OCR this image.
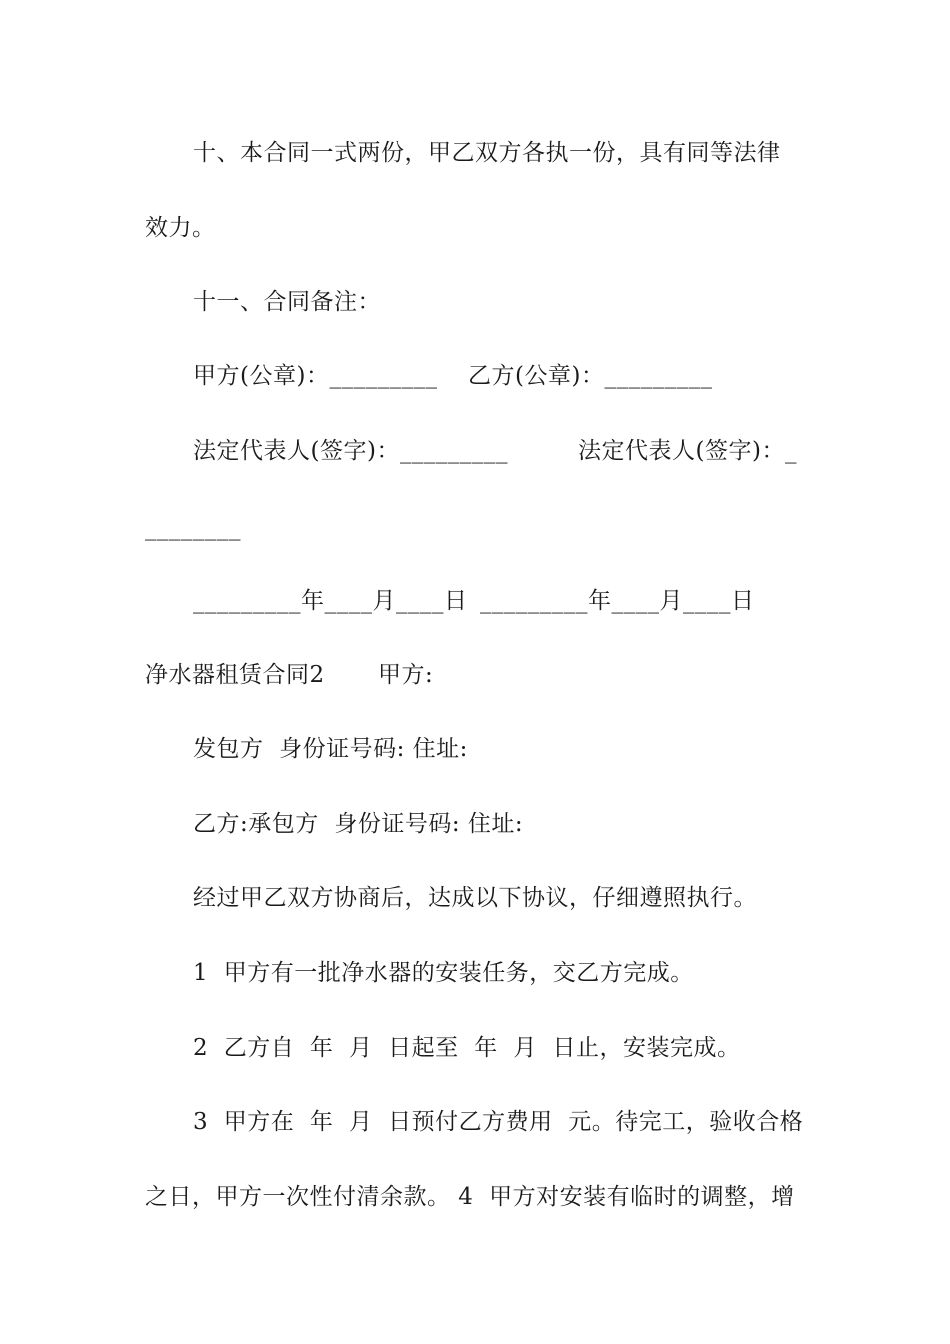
十、本合同一式两份，甲乙双方各执一份，具有同等法律
效力。
十一、合同备注：
甲方(公章)：_________ 乙方(公章)：_________
法定代表人(签字)：_________	法定代表人(签字)：_
________
_________年____月____日 _________年____月____日
净水器租赁合同2 甲方:
发包方  身份证号码: 住址:
乙方:承包方  身份证号码: 住址:
经过甲乙双方协商后，达成以下协议，仔细遵照执行。
1  甲方有一批净水器的安装任务，交乙方完成。
2  乙方自  年  月  日起至  年  月  日止，安装完成。
3  甲方在  年  月  日预付乙方费用  元。待完工，验收合格
之日，甲方一次性付清余款。 4  甲方对安装有临时的调整，增
